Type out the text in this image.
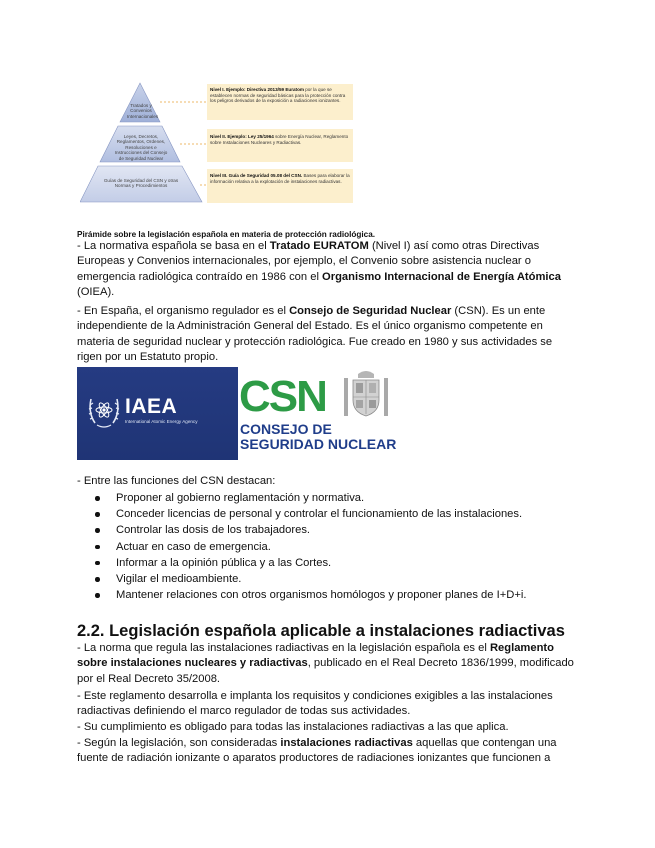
Tratados y Convenios Internacionales
Leyes, Decretos, Reglamentos, Ordenes, Resoluciones e Instrucciones del Consejo de Seguridad Nuclear
Guías de Seguridad del CSN y otras Normas y Procedimientos
Nivel I. Ejemplo: Directiva 2013/59 Euratom por la que se establecen normas de seguridad básicas para la protección contra los peligros derivados de la exposición a radiaciones ionizantes.
Nivel II. Ejemplo: Ley 25/1964 sobre Energía Nuclear, Reglamento sobre Instalaciones Nucleares y Radiactivas.
Nivel III. Guía de Seguridad 05.08 del CSN. Bases para elaborar la información relativa a la explotación de instalaciones radiactivas.
Pirámide sobre la legislación española en materia de protección radiológica.

- La normativa española se basa en el Tratado EURATOM (Nivel I) así como otras Directivas Europeas y Convenios internacionales, por ejemplo, el Convenio sobre asistencia nuclear o emergencia radiológica contraído en 1986 con el Organismo Internacional de Energía Atómica (OIEA).

- En España, el organismo regulador es el Consejo de Seguridad Nuclear (CSN). Es un ente independiente de la Administración General del Estado. Es el único organismo competente en materia de seguridad nuclear y protección radiológica. Fue creado en 1980 y sus actividades se rigen por un Estatuto propio.

IAEA
International Atomic Energy Agency
CSN
CONSEJO DE
SEGURIDAD NUCLEAR

- Entre las funciones del CSN destacan:

Proponer al gobierno reglamentación y normativa.
Conceder licencias de personal y controlar el funcionamiento de las instalaciones.
Controlar las dosis de los trabajadores.
Actuar en caso de emergencia.
Informar a la opinión pública y a las Cortes.
Vigilar el medioambiente.
Mantener relaciones con otros organismos homólogos y proponer planes de I+D+i.
2.2. Legislación española aplicable a instalaciones radiactivas

- La norma que regula las instalaciones radiactivas en la legislación española es el Reglamento sobre instalaciones nucleares y radiactivas, publicado en el Real Decreto 1836/1999, modificado por el Real Decreto 35/2008.

- Este reglamento desarrolla e implanta los requisitos y condiciones exigibles a las instalaciones radiactivas definiendo el marco regulador de todas sus actividades.

- Su cumplimiento es obligado para todas las instalaciones radiactivas a las que aplica.

- Según la legislación, son consideradas instalaciones radiactivas aquellas que contengan una fuente de radiación ionizante o aparatos productores de radiaciones ionizantes que funcionen a
